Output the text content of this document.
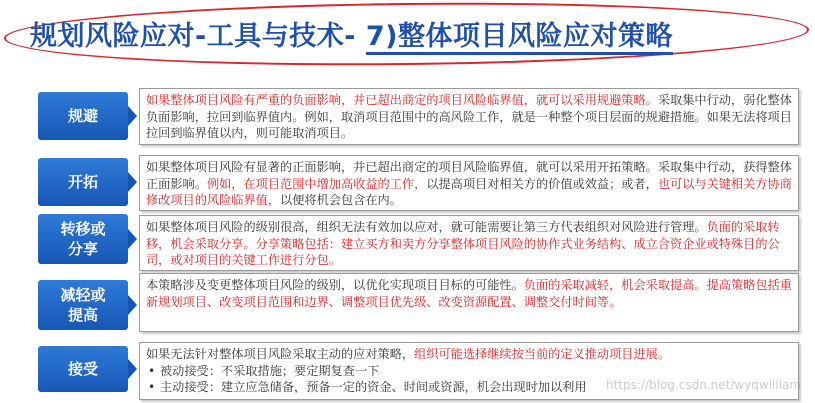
规划风险应对-工具与技术- 7)整体项目风险应对策略
规避
如果整体项目风险有严重的负面影响，并已超出商定的项目风险临界值，就可以采用规避策略。采取集中行动，弱化整体负面影响，拉回到临界值内。例如，取消项目范围中的高风险工作，就是一种整个项目层面的规避措施。如果无法将项目拉回到临界值以内，则可能取消项目。
开拓
如果整体项目风险有显著的正面影响，并已超出商定的项目风险临界值，就可以采用开拓策略。采取集中行动，获得整体正面影响。例如，在项目范围中增加高收益的工作，以提高项目对相关方的价值或效益；或者，也可以与关键相关方协商修改项目的风险临界值，以便将机会包含在内。
转移或
分享
如果整体项目风险的级别很高，组织无法有效加以应对，就可能需要让第三方代表组织对风险进行管理。负面的采取转移，机会采取分享。分享策略包括：建立买方和卖方分享整体项目风险的协作式业务结构、成立合资企业或特殊目的公司，或对项目的关键工作进行分包。
减轻或
提高
本策略涉及变更整体项目风险的级别，以优化实现项目目标的可能性。负面的采取减轻，机会采取提高。提高策略包括重新规划项目、改变项目范围和边界、调整项目优先级、改变资源配置、调整交付时间等。
接受
如果无法针对整体项目风险采取主动的应对策略，组织可能选择继续按当前的定义推动项目进展。
• 被动接受：不采取措施；要定期复查一下
• 主动接受：建立应急储备，预备一定的资金、时间或资源，机会出现时加以利用	https://blog.csdn.net/wyqwilliam
